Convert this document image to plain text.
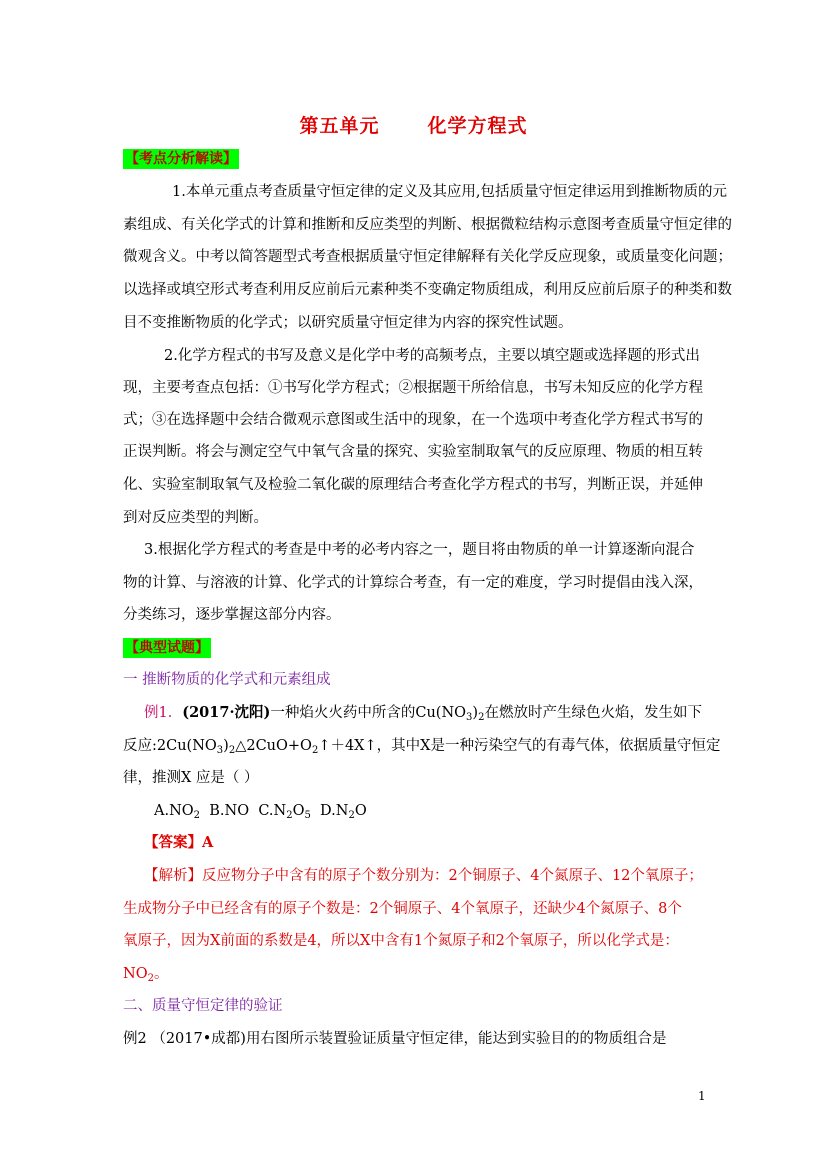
第五单元	化学方程式
【考点分析解读】
1.本单元重点考查质量守恒定律的定义及其应用,包括质量守恒定律运用到推断物质的元
素组成、有关化学式的计算和推断和反应类型的判断、根据微粒结构示意图考查质量守恒定律的
微观含义。中考以简答题型式考查根据质量守恒定律解释有关化学反应现象，或质量变化问题；
以选择或填空形式考查利用反应前后元素种类不变确定物质组成，利用反应前后原子的种类和数
目不变推断物质的化学式；以研究质量守恒定律为内容的探究性试题。
2.化学方程式的书写及意义是化学中考的高频考点，主要以填空题或选择题的形式出
现，主要考查点包括：①书写化学方程式；②根据题干所给信息，书写未知反应的化学方程
式；③在选择题中会结合微观示意图或生活中的现象，在一个选项中考查化学方程式书写的
正误判断。将会与测定空气中氧气含量的探究、实验室制取氧气的反应原理、物质的相互转
化、实验室制取氧气及检验二氧化碳的原理结合考查化学方程式的书写，判断正误，并延伸
到对反应类型的判断。
3.根据化学方程式的考查是中考的必考内容之一，题目将由物质的单一计算逐渐向混合
物的计算、与溶液的计算、化学式的计算综合考查，有一定的难度，学习时提倡由浅入深，
分类练习，逐步掌握这部分内容。
【典型试题】
一 推断物质的化学式和元素组成
例1．(2017·沈阳)一种焰火火药中所含的$Cu(NO_3)_2$在燃放时产生绿色火焰，发生如下
反应$:2Cu(NO_3)_2\triangle 2CuO+O_2↑+4X↑$，其中X是一种污染空气的有毒气体，依据质量守恒定
律，推测X 应是（ ）
$A.NO_2$ B.NO $C.N_2O_5$ $D.N_2O$
【答案】A
【解析】反应物分子中含有的原子个数分别为：2个铜原子、4个氮原子、12个氧原子；
生成物分子中已经含有的原子个数是：2个铜原子、4个氧原子，还缺少4个氮原子、8个
氧原子，因为X前面的系数是4，所以X中含有1个氮原子和2个氧原子，所以化学式是：
$NO_2$。
二、质量守恒定律的验证
例2 （2017•成都)用右图所示装置验证质量守恒定律，能达到实验目的的物质组合是
1
